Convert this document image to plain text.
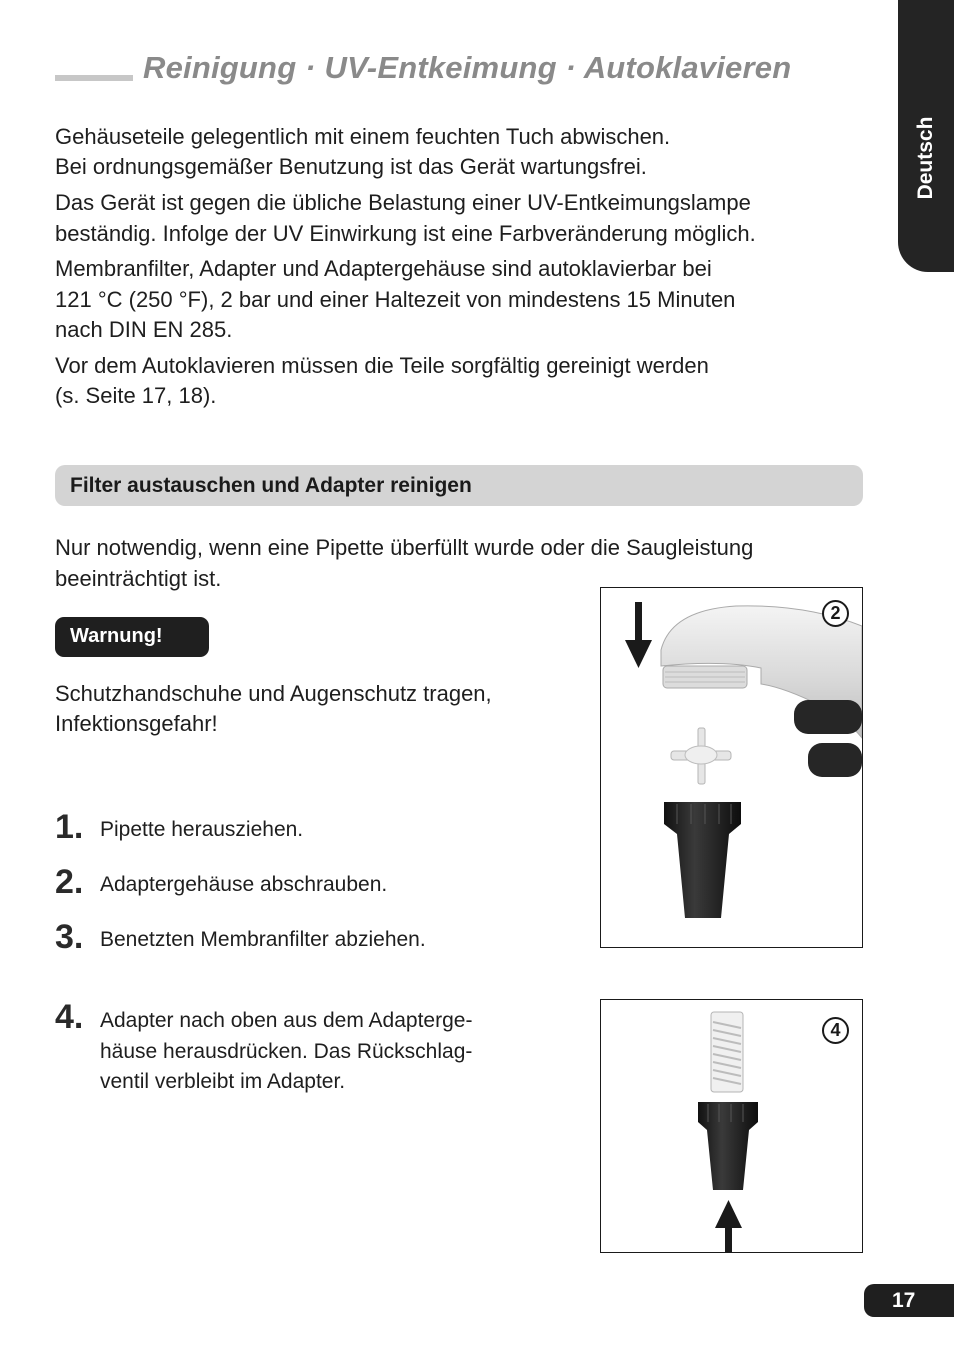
Reinigung · UV-Entkeimung · Autoklavieren
Deutsch

Gehäuseteile gelegentlich mit einem feuchten Tuch abwischen.

Bei ordnungsgemäßer Benutzung ist das Gerät wartungsfrei.

Das Gerät ist gegen die übliche Belastung einer UV-Entkeimungslampe

beständig. Infolge der UV Einwirkung ist eine Farbveränderung möglich.

Membranfilter, Adapter und Adaptergehäuse sind autoklavierbar bei

121 °C (250 °F), 2 bar und einer Haltezeit von mindestens 15 Minuten

nach DIN EN 285.

Vor dem Autoklavieren müssen die Teile sorgfältig gereinigt werden

(s. Seite 17, 18).

Filter austauschen und Adapter reinigen

Nur notwendig, wenn eine Pipette überfüllt wurde oder die Saugleistung

beeinträchtigt ist.

Warnung!

Schutzhandschuhe und Augenschutz tragen,

Infektionsgefahr!

1. Pipette herausziehen.

2. Adaptergehäuse abschrauben.

3. Benetzten Membranfilter abziehen.

4. Adapter nach oben aus dem Adapterge-

häuse herausdrücken. Das Rückschlag-

ventil verbleibt im Adapter.

2
4
17
